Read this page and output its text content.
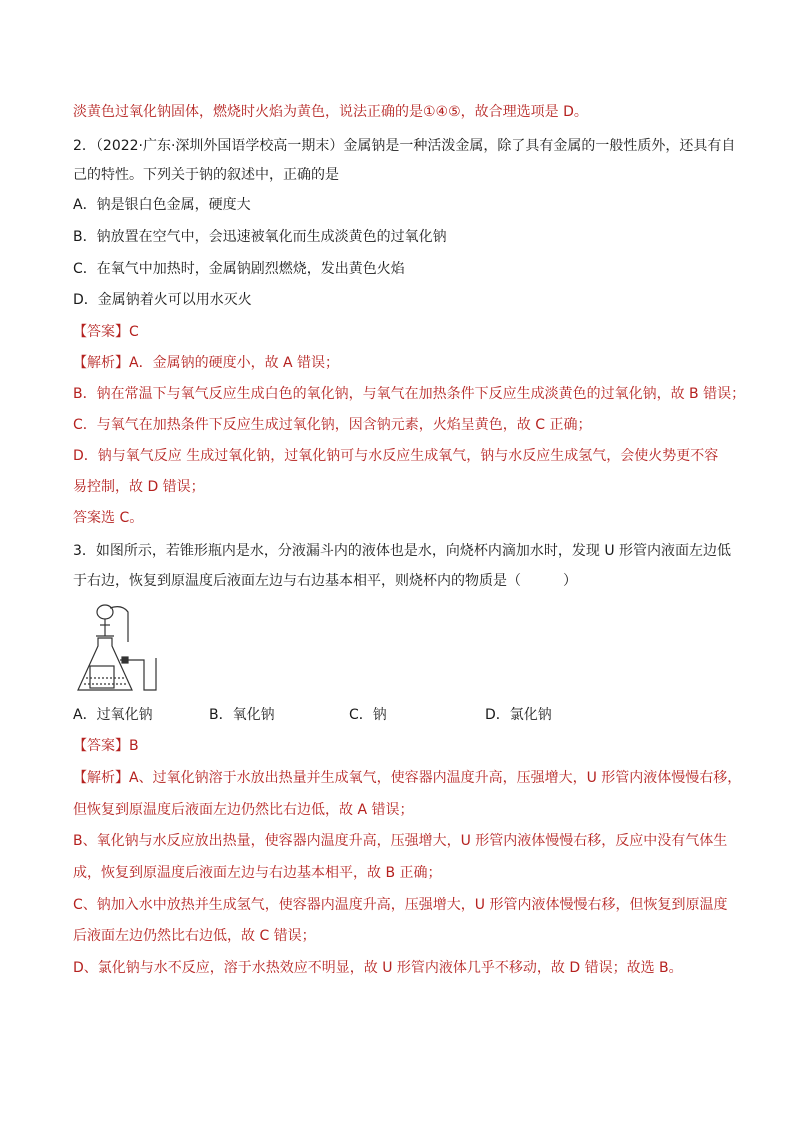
淡黄色过氧化钠固体，燃烧时火焰为黄色，说法正确的是①④⑤，故合理选项是 D。
2．（2022·广东·深圳外国语学校高一期末）金属钠是一种活泼金属，除了具有金属的一般性质外，还具有自
己的特性。下列关于钠的叙述中，正确的是
A．钠是银白色金属，硬度大
B．钠放置在空气中，会迅速被氧化而生成淡黄色的过氧化钠
C．在氧气中加热时，金属钠剧烈燃烧，发出黄色火焰
D．金属钠着火可以用水灭火
【答案】C
【解析】A．金属钠的硬度小，故 A 错误；
B．钠在常温下与氧气反应生成白色的氧化钠，与氧气在加热条件下反应生成淡黄色的过氧化钠，故 B 错误；
C．与氧气在加热条件下反应生成过氧化钠，因含钠元素，火焰呈黄色，故 C 正确；
D．钠与氧气反应 生成过氧化钠，过氧化钠可与水反应生成氧气，钠与水反应生成氢气，会使火势更不容
易控制，故 D 错误；
答案选 C。
3．如图所示，若锥形瓶内是水，分液漏斗内的液体也是水，向烧杯内滴加水时，发现 U 形管内液面左边低
于右边，恢复到原温度后液面左边与右边基本相平，则烧杯内的物质是（　　　）
A．过氧化钠	B．氧化钠	C．钠	D．氯化钠
【答案】B
【解析】A、过氧化钠溶于水放出热量并生成氧气，使容器内温度升高，压强增大，U 形管内液体慢慢右移，
但恢复到原温度后液面左边仍然比右边低，故 A 错误；
B、氧化钠与水反应放出热量，使容器内温度升高，压强增大，U 形管内液体慢慢右移，反应中没有气体生
成，恢复到原温度后液面左边与右边基本相平，故 B 正确；
C、钠加入水中放热并生成氢气，使容器内温度升高，压强增大，U 形管内液体慢慢右移，但恢复到原温度
后液面左边仍然比右边低，故 C 错误；
D、氯化钠与水不反应，溶于水热效应不明显，故 U 形管内液体几乎不移动，故 D 错误；故选 B。
